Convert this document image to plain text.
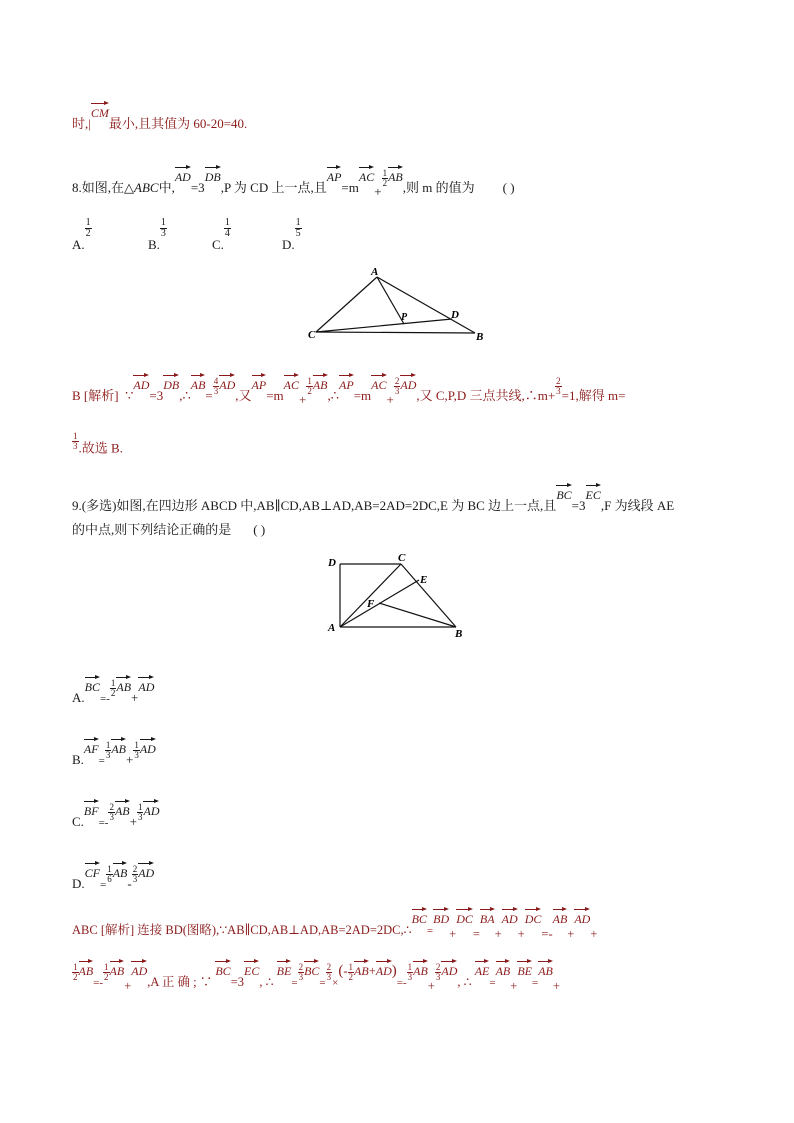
时,|CM最小,且其值为 60-20=40.
8.如图,在△ABC中,AD=3DB,P 为 CD 上一点,且AP=mAC+
$\frac{1}{2}$ AB,则 m 的值为 ( )
A.
$\frac{1}{2}$
B.
$\frac{1}{3}$
C.
$\frac{1}{4}$
D.
$\frac{1}{5}$
A
C	B
D
P
B [解析] ∵AD=3DB,∴AB= $\frac{4}{3}$ AD,又AP=mAC+
$\frac{1}{2}$ AB,∴AP=mAC+
$\frac{2}{3}$ AD,又 C,P,D 三点共线,∴m+ $\frac{2}{3} =1$,解得 m=
$\frac{1}{3}$ .故选 B.
9.(多选)如图,在四边形 ABCD 中,AB∥CD,AB⊥AD,AB=2AD=2DC,E 为 BC 边上一点,且BC=3EC,F 为线段 AE
的中点,则下列结论正确的是 ( )
D	C
E
F
A	B
A.BC=-
$\frac{1}{2} AB+AD$
B.AF=
$\frac{1}{3} AB+ \frac{1}{3}$ AD
C.BF=-
$\frac{2}{3} AB+ \frac{1}{3}$ AD
D.CF=
$\frac{1}{6} AB- \frac{2}{3}$ AD
ABC [解析] 连接 BD(图略),∵AB∥CD,AB⊥AD,AB=2AD=2DC,∴BC=BD+DC=BA+AD+DC=-AB+AD+
$\frac{1}{2} AB=-$
$\frac{1}{2} AB+AD,A$ 正 确 ; ∵ BC=3EC, ∴ BE=
$\frac{2}{3} BC=$
$\frac{2}{3}$
×(- $\frac{1}{2} AB+AD)=-$
$\frac{1}{3} AB+$
$\frac{2}{3}$ AD, ∴ AE=AB+BE=AB+
